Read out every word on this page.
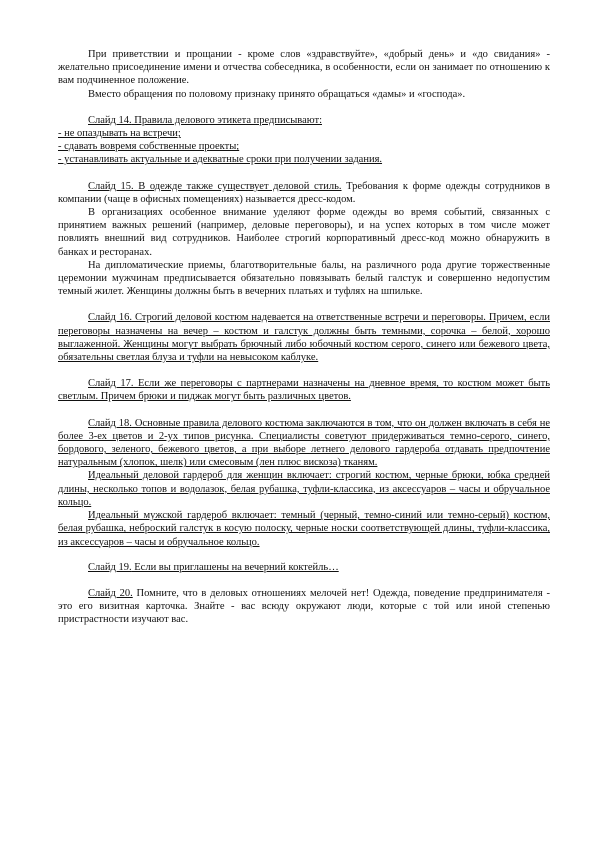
При приветствии и прощании - кроме слов «здравствуйте», «добрый день» и «до свидания» - желательно присоединение имени и отчества собеседника, в особенности, если он занимает по отношению к вам подчиненное положение.

Вместо обращения по половому признаку принято обращаться «дамы» и «господа».

Слайд 14. Правила делового этикета предписывают:

- не опаздывать на встречи;

- сдавать вовремя собственные проекты;

- устанавливать актуальные и адекватные сроки при получении задания.

Слайд 15. В одежде также существует деловой стиль. Требования к форме одежды сотрудников в компании (чаще в офисных помещениях) называется дресс-кодом.

В организациях особенное внимание уделяют форме одежды во время событий, связанных с принятием важных решений (например, деловые переговоры), и на успех которых в том числе может повлиять внешний вид сотрудников. Наиболее строгий корпоративный дресс-код можно обнаружить в банках и ресторанах.

На дипломатические приемы, благотворительные балы, на различного рода другие торжественные церемонии мужчинам предписывается обязательно повязывать белый галстук и совершенно недопустим темный жилет. Женщины должны быть в вечерних платьях и туфлях на шпильке.

Слайд 16. Строгий деловой костюм надевается на ответственные встречи и переговоры. Причем, если переговоры назначены на вечер – костюм и галстук должны быть темными, сорочка – белой, хорошо выглаженной. Женщины могут выбрать брючный либо юбочный костюм серого, синего или бежевого цвета, обязательны светлая блуза и туфли на невысоком каблуке.

Слайд 17. Если же переговоры с партнерами назначены на дневное время, то костюм может быть светлым. Причем брюки и пиджак могут быть различных цветов.

Слайд 18. Основные правила делового костюма заключаются в том, что он должен включать в себя не более 3-ех цветов и 2-ух типов рисунка. Специалисты советуют придерживаться темно-серого, синего, бордового, зеленого, бежевого цветов, а при выборе летнего делового гардероба отдавать предпочтение натуральным (хлопок, шелк) или смесовым (лен плюс вискоза) тканям.

Идеальный деловой гардероб для женщин включает: строгий костюм, черные брюки, юбка средней длины, несколько топов и водолазок, белая рубашка, туфли-классика, из аксессуаров – часы и обручальное кольцо.

Идеальный мужской гардероб включает: темный (черный, темно-синий или темно-серый) костюм, белая рубашка, неброский галстук в косую полоску, черные носки соответствующей длины, туфли-классика, из аксессуаров – часы и обручальное кольцо.

Слайд 19. Если вы приглашены на вечерний коктейль…

Слайд 20. Помните, что в деловых отношениях мелочей нет! Одежда, поведение предпринимателя - это его визитная карточка. Знайте - вас всюду окружают люди, которые с той или иной степенью пристрастности изучают вас.
